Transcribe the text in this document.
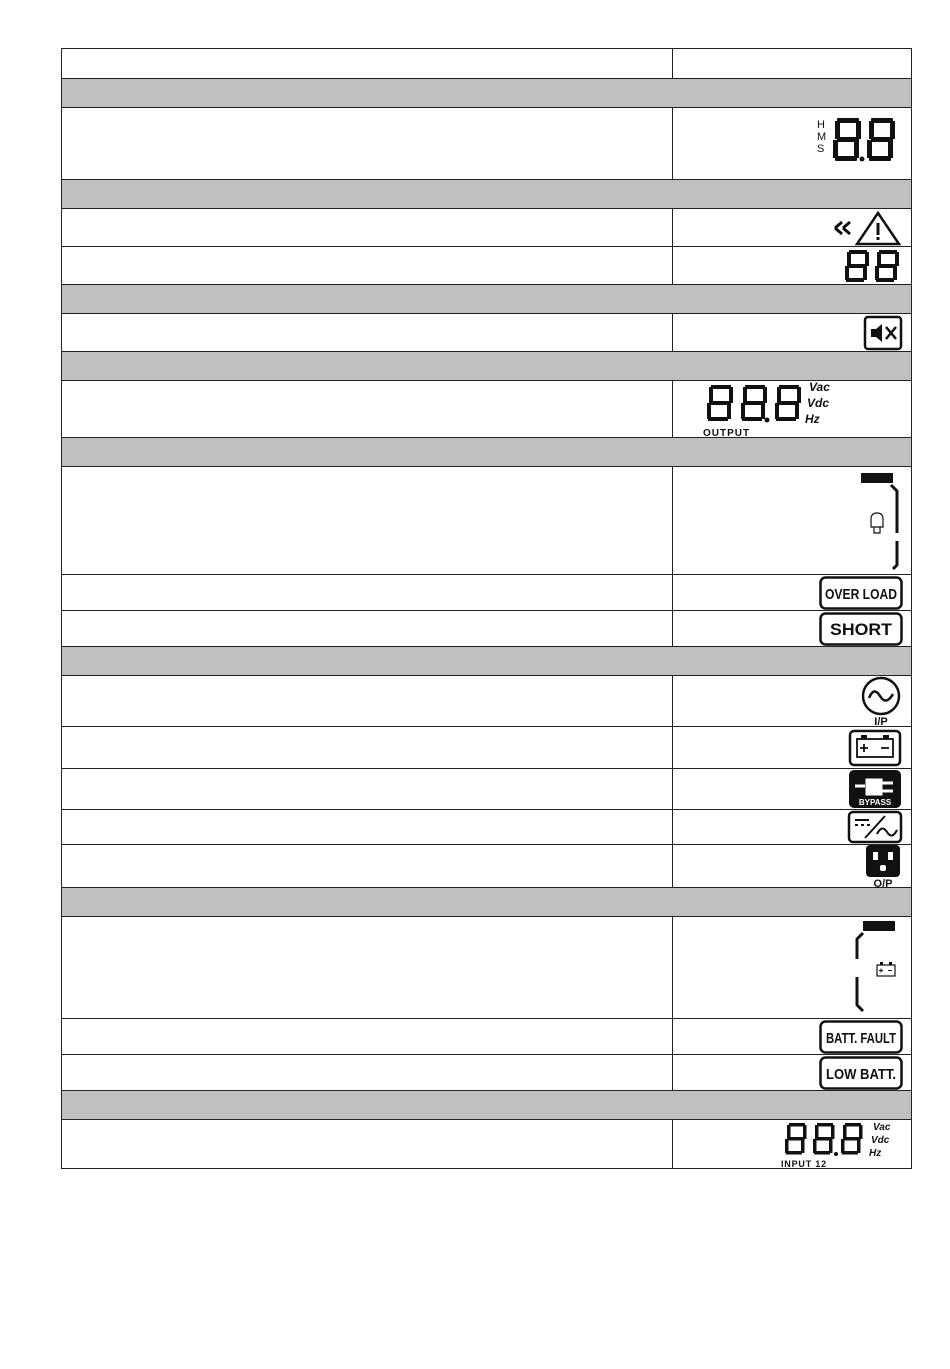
H
M
S

Vac
Vdc
Hz
OUTPUT

OVER LOAD

SHORT

I/P

BYPASS

O/P

BATT. FAULT

LOW BATT.

Vac
Vdc
Hz
INPUT 12
